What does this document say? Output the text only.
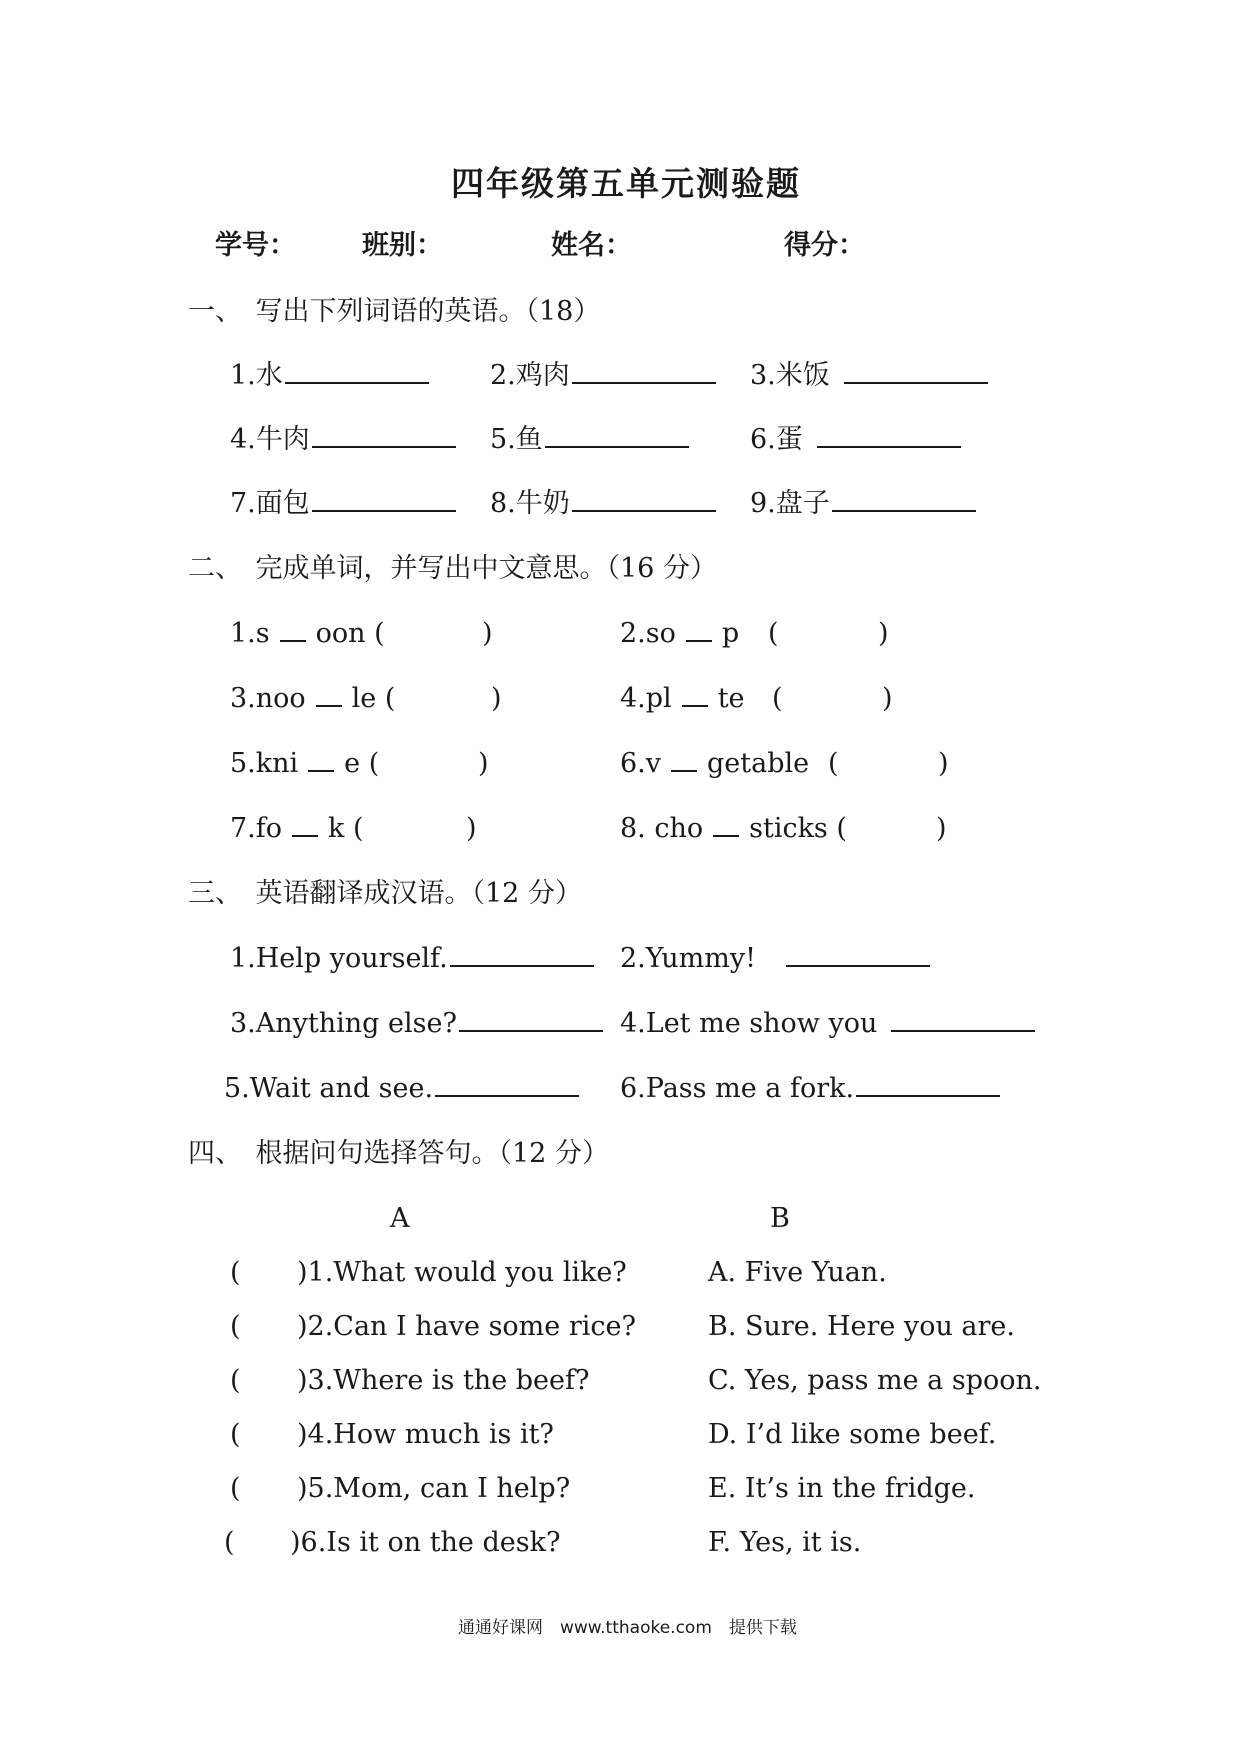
四年级第五单元测验题
学号： 班别：	姓名：	得分：
一、　写出下列词语的英语。（18）
1.水	2.鸡肉	3.米饭
4.牛肉	5.鱼	6.蛋
7.面包	8.牛奶	9.盘子
二、　完成单词，并写出中文意思。（16 分）
1.s oon (	)	2.so p (	)
3.noo le (	)	4.pl te (	)
5.kni e (	)	6.v getable (	)
7.fo k (	)	8. cho sticks (	)
三、　英语翻译成汉语。（12 分）
1.Help yourself.	2.Yummy!
3.Anything else?	4.Let me show you
5.Wait and see.	6.Pass me a fork.
四、　根据问句选择答句。（12 分）
A	B
( )1.What would you like?	A. Five Yuan.
( )2.Can I have some rice?	B. Sure. Here you are.
( )3.Where is the beef?	C. Yes, pass me a spoon.
( )4.How much is it?	D. I’d like some beef.
( )5.Mom, can I help?	E. It’s in the fridge.
( )6.Is it on the desk?	F. Yes, it is.
通通好课网　www.tthaoke.com　提供下载
